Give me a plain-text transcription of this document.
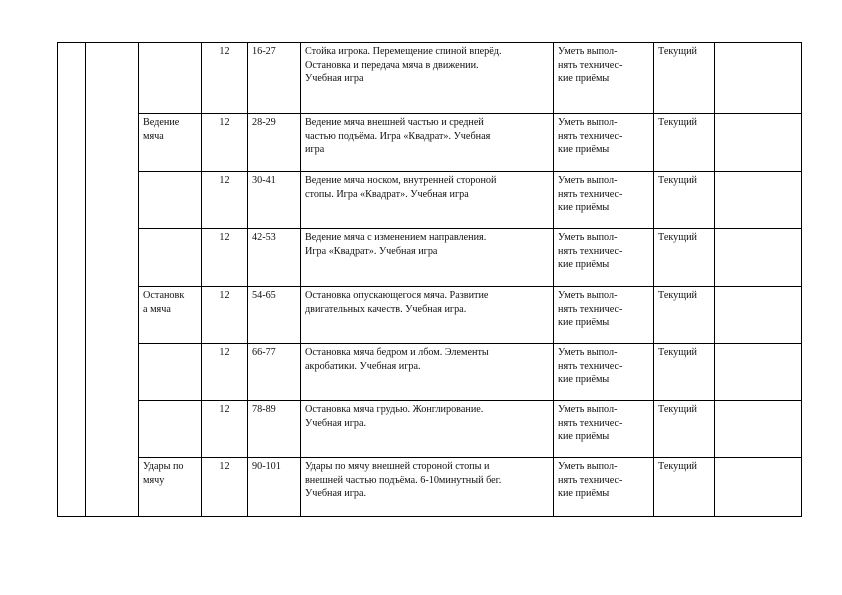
			12	16-27	Стойка игрока. Перемещение спиной вперёд.
Остановка и передача мяча в движении.
Учебная игра	Уметь выпол-
нять техничес-
кие приёмы	Текущий	
		Ведение
мяча	12	28-29	Ведение мяча внешней частью и средней
частью подъёма. Игра «Квадрат». Учебная
игра	Уметь выпол-
нять техничес-
кие приёмы	Текущий	
			12	30-41	Ведение мяча носком, внутренней стороной
стопы. Игра «Квадрат». Учебная игра	Уметь выпол-
нять техничес-
кие приёмы	Текущий	
			12	42-53	Ведение мяча с изменением направления.
Игра «Квадрат». Учебная игра	Уметь выпол-
нять техничес-
кие приёмы	Текущий	
		Остановк
а мяча	12	54-65	Остановка опускающегося мяча. Развитие
двигательных качеств. Учебная игра.	Уметь выпол-
нять техничес-
кие приёмы	Текущий	
			12	66-77	Остановка мяча бедром и лбом. Элементы
акробатики. Учебная игра.	Уметь выпол-
нять техничес-
кие приёмы	Текущий	
			12	78-89	Остановка мяча грудью. Жонглирование.
Учебная игра.	Уметь выпол-
нять техничес-
кие приёмы	Текущий	
		Удары по
мячу	12	90-101	Удары по мячу внешней стороной стопы и
внешней частью подъёма. 6-10минутный бег.
Учебная игра.	Уметь выпол-
нять техничес-
кие приёмы	Текущий	
